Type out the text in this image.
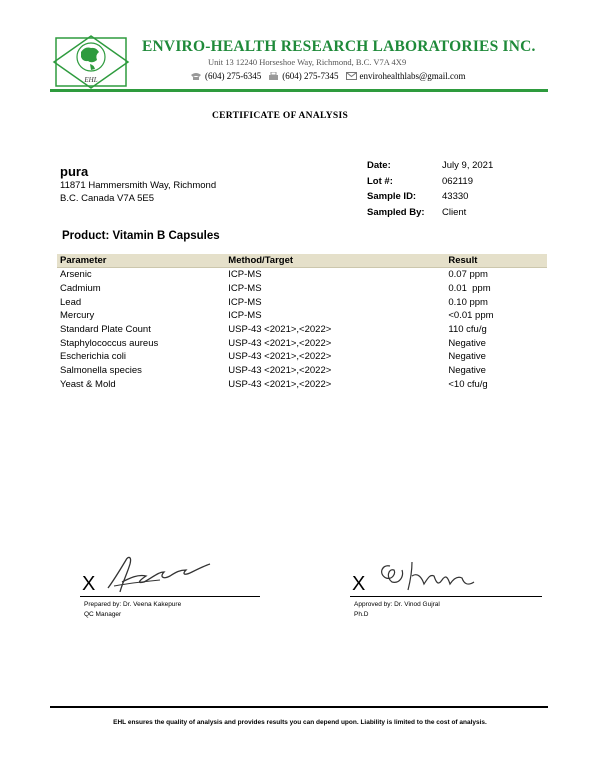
EHL
ENVIRO-HEALTH RESEARCH LABORATORIES INC.
Unit 13 12240 Horseshoe Way, Richmond, B.C. V7A 4X9
(604) 275-6345 (604) 275-7345 envirohealthlabs@gmail.com
CERTIFICATE OF ANALYSIS
pura
11871 Hammersmith Way, Richmond
B.C. Canada V7A 5E5
Date:	July 9, 2021
Lot #:	062119
Sample ID:	43330
Sampled By:	Client
Product: Vitamin B Capsules
Parameter	Method/Target	Result
Arsenic	ICP-MS	0.07 ppm
Cadmium	ICP-MS	0.01  ppm
Lead	ICP-MS	0.10 ppm
Mercury	ICP-MS	<0.01 ppm
Standard Plate Count	USP-43 <2021>,<2022>	110 cfu/g
Staphylococcus aureus	USP-43 <2021>,<2022>	Negative
Escherichia coli	USP-43 <2021>,<2022>	Negative
Salmonella species	USP-43 <2021>,<2022>	Negative
Yeast & Mold	USP-43 <2021>,<2022>	<10 cfu/g
X
Prepared by: Dr. Veena Kakepure
QC Manager
X
Approved by: Dr. Vinod Gujral
Ph.D
EHL ensures the quality of analysis and provides results you can depend upon. Liability is limited to the cost of analysis.
